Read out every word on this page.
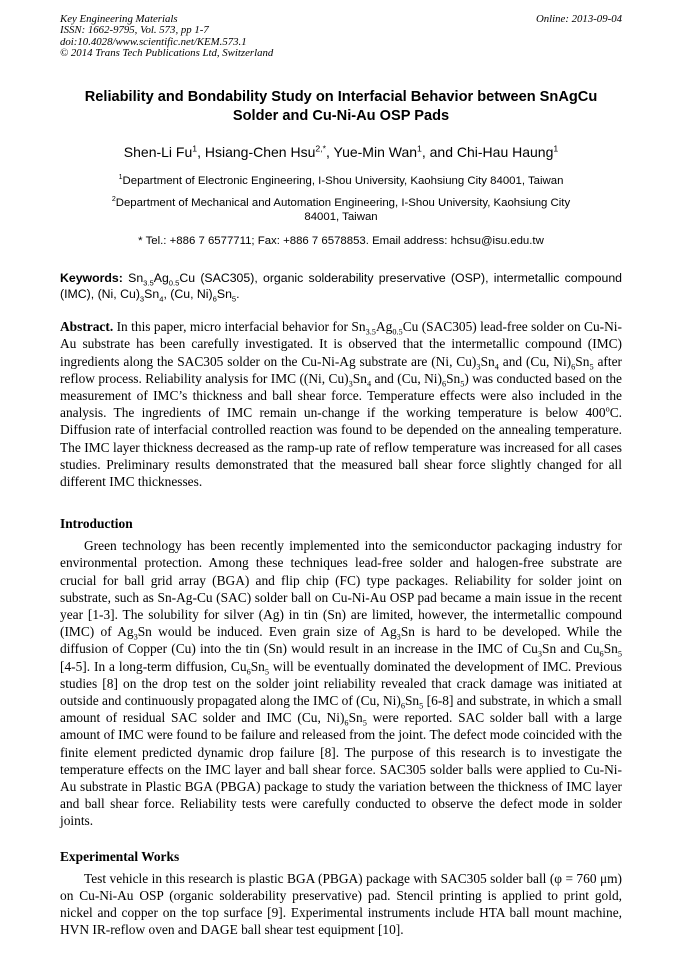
Key Engineering Materials
ISSN: 1662-9795, Vol. 573, pp 1-7
doi:10.4028/www.scientific.net/KEM.573.1
© 2014 Trans Tech Publications Ltd, Switzerland
Online: 2013-09-04
Reliability and Bondability Study on Interfacial Behavior between SnAgCu Solder and Cu-Ni-Au OSP Pads
Shen-Li Fu$^1$, Hsiang-Chen Hsu$^{2,*}$, Yue-Min Wan$^1$, and Chi-Hau Haung$^1$
$^1$Department of Electronic Engineering, I-Shou University, Kaohsiung City 84001, Taiwan
$^2$Department of Mechanical and Automation Engineering, I-Shou University, Kaohsiung City 84001, Taiwan
* Tel.: +886 7 6577711; Fax: +886 7 6578853. Email address: hchsu@isu.edu.tw

Keywords: $Sn_{3.5}Ag_{0.5}Cu$ (SAC305), organic solderability preservative (OSP), intermetallic compound (IMC), (Ni, $Cu)_3Sn_4$, (Cu, $Ni)_6Sn_5$.

Abstract. In this paper, micro interfacial behavior for $Sn_{3.5}Ag_{0.5}Cu$ (SAC305) lead-free solder on Cu-Ni-Au substrate has been carefully investigated. It is observed that the intermetallic compound (IMC) ingredients along the SAC305 solder on the Cu-Ni-Ag substrate are (Ni, $Cu)_3Sn_4$ and (Cu, $Ni)_6Sn_5$ after reflow process. Reliability analysis for IMC ((Ni, $Cu)_3Sn_4$ and (Cu, $Ni)_6Sn_5$) was conducted based on the measurement of IMC’s thickness and ball shear force. Temperature effects were also included in the analysis. The ingredients of IMC remain un-change if the working temperature is below 400$^o$C. Diffusion rate of interfacial controlled reaction was found to be depended on the annealing temperature. The IMC layer thickness decreased as the ramp-up rate of reflow temperature was increased for all cases studies. Preliminary results demonstrated that the measured ball shear force slightly changed for all different IMC thicknesses.

Introduction

Green technology has been recently implemented into the semiconductor packaging industry for environmental protection. Among these techniques lead-free solder and halogen-free substrate are crucial for ball grid array (BGA) and flip chip (FC) type packages. Reliability for solder joint on substrate, such as Sn-Ag-Cu (SAC) solder ball on Cu-Ni-Au OSP pad became a main issue in the recent year [1-3]. The solubility for silver (Ag) in tin (Sn) are limited, however, the intermetallic compound (IMC) of $Ag_3Sn$ would be induced. Even grain size of $Ag_3Sn$ is hard to be developed. While the diffusion of Copper (Cu) into the tin (Sn) would result in an increase in the IMC of $Cu_3Sn$ and $Cu_6Sn_5$ [4-5]. In a long-term diffusion, $Cu_6Sn_5$ will be eventually dominated the development of IMC. Previous studies [8] on the drop test on the solder joint reliability revealed that crack damage was initiated at outside and continuously propagated along the IMC of (Cu, $Ni)_6Sn_5$ [6-8] and substrate, in which a small amount of residual SAC solder and IMC (Cu, $Ni)_6Sn_5$ were reported. SAC solder ball with a large amount of IMC were found to be failure and released from the joint. The defect mode coincided with the finite element predicted dynamic drop failure [8]. The purpose of this research is to investigate the temperature effects on the IMC layer and ball shear force. SAC305 solder balls were applied to Cu-Ni-Au substrate in Plastic BGA (PBGA) package to study the variation between the thickness of IMC layer and ball shear force. Reliability tests were carefully conducted to observe the defect mode in solder joints.

Experimental Works

Test vehicle in this research is plastic BGA (PBGA) package with SAC305 solder ball (φ = 760 μm) on Cu-Ni-Au OSP (organic solderability preservative) pad. Stencil printing is applied to print gold, nickel and copper on the top surface [9]. Experimental instruments include HTA ball mount machine, HVN IR-reflow oven and DAGE ball shear test equipment [10].
